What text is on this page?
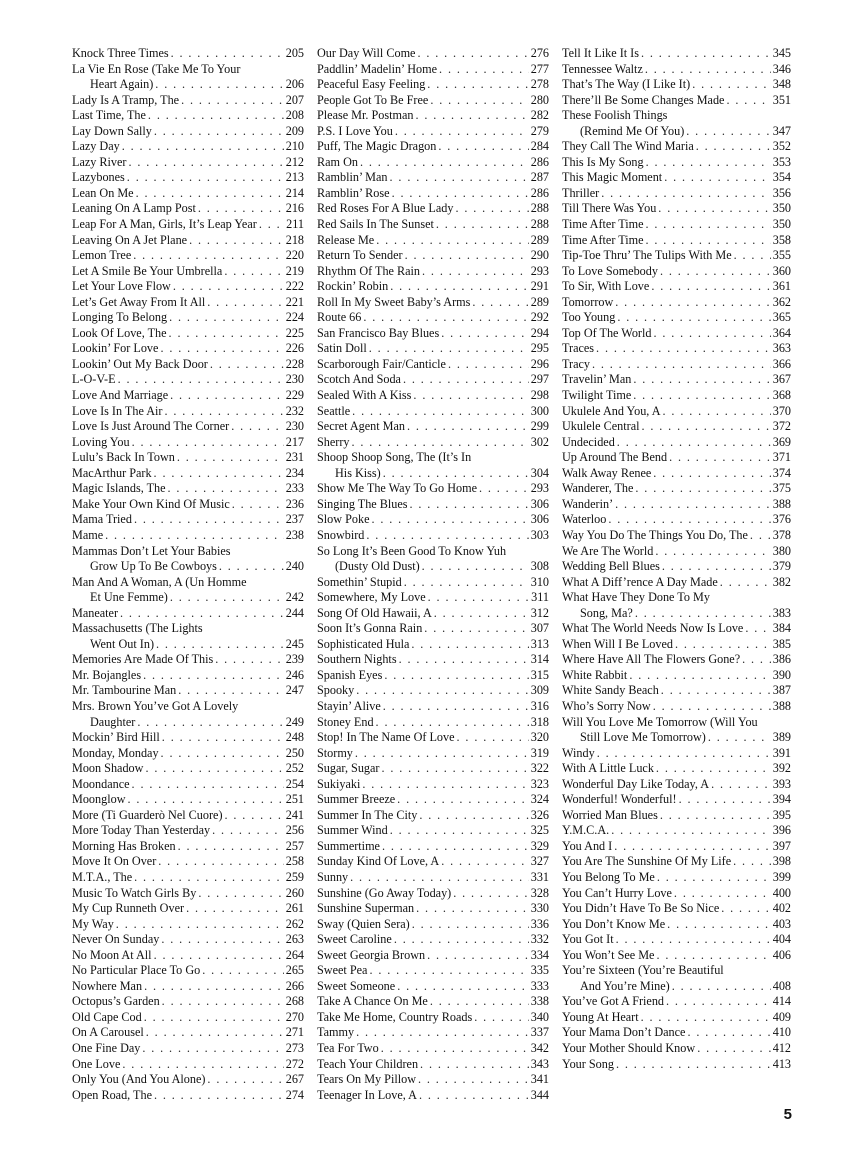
Knock Three Times . . .	205
La Vie En Rose (Take Me To Your
Heart Again) . . .	206
Lady Is A Tramp, The . . .	207
Last Time, The . . .	208
Lay Down Sally . . .	209
Lazy Day . . .	210
Lazy River . . .	212
Lazybones . . .	213
Lean On Me . . .	214
Leaning On A Lamp Post . . .	216
Leap For A Man, Girls, It’s Leap Year . . . 211
Leaving On A Jet Plane . . .	218
Lemon Tree . . .	220
Let A Smile Be Your Umbrella . . .	219
Let Your Love Flow . . .	222
Let’s Get Away From It All . . .	221
Longing To Belong . . .	224
Look Of Love, The . . .	225
Lookin’ For Love . . .	226
Lookin’ Out My Back Door . . .	228
L-O-V-E . . .	230
Love And Marriage . . .	229
Love Is In The Air . . .	232
Love Is Just Around The Corner . . .	230
Loving You . . .	217
Lulu’s Back In Town . . .	231
MacArthur Park . . .	234
Magic Islands, The . . .	233
Make Your Own Kind Of Music . . .	236
Mama Tried . . .	237
Mame . . .	238
Mammas Don’t Let Your Babies
Grow Up To Be Cowboys . . .	240
Man And A Woman, A (Un Homme
Et Une Femme) . . .	242
Maneater . . .	244
Massachusetts (The Lights
Went Out In) . . .	245
Memories Are Made Of This . . .	239
Mr. Bojangles . . .	246
Mr. Tambourine Man . . .	247
Mrs. Brown You’ve Got A Lovely
Daughter . . .	249
Mockin’ Bird Hill . . .	248
Monday, Monday . . .	250
Moon Shadow . . .	252
Moondance . . .	254
Moonglow . . .	251
More (Ti Guarderò Nel Cuore) . . .	241
More Today Than Yesterday . . .	256
Morning Has Broken . . .	257
Move It On Over . . .	258
M.T.A., The . . .	259
Music To Watch Girls By . . .	260
My Cup Runneth Over . . .	261
My Way . . .	262
Never On Sunday . . .	263
No Moon At All . . .	264
No Particular Place To Go . . .	265
Nowhere Man . . .	266
Octopus’s Garden . . .	268
Old Cape Cod . . .	270
On A Carousel . . .	271
One Fine Day . . .	273
One Love . . .	272
Only You (And You Alone) . . .	267
Open Road, The . . .	274
Our Day Will Come . . .	276
Paddlin’ Madelin’ Home . . .	277
Peaceful Easy Feeling . . .	278
People Got To Be Free . . .	280
Please Mr. Postman . . .	282
P.S. I Love You . . .	279
Puff, The Magic Dragon . . .	284
Ram On . . .	286
Ramblin’ Man . . .	287
Ramblin’ Rose . . .	286
Red Roses For A Blue Lady . . .	288
Red Sails In The Sunset . . .	288
Release Me . . .	289
Return To Sender . . .	290
Rhythm Of The Rain . . .	293
Rockin’ Robin . . .	291
Roll In My Sweet Baby’s Arms . . .	289
Route 66 . . .	292
San Francisco Bay Blues . . .	294
Satin Doll . . .	295
Scarborough Fair/Canticle . . .	296
Scotch And Soda . . .	297
Sealed With A Kiss . . .	298
Seattle . . .	300
Secret Agent Man . . .	299
Sherry . . .	302
Shoop Shoop Song, The (It’s In
His Kiss) . . .	304
Show Me The Way To Go Home . . .	293
Singing The Blues . . .	306
Slow Poke . . .	306
Snowbird . . .	303
So Long It’s Been Good To Know Yuh
(Dusty Old Dust) . . .	308
Somethin’ Stupid . . .	310
Somewhere, My Love . . .	311
Song Of Old Hawaii, A . . .	312
Soon It’s Gonna Rain . . .	307
Sophisticated Hula . . .	313
Southern Nights . . .	314
Spanish Eyes . . .	315
Spooky . . .	309
Stayin’ Alive . . .	316
Stoney End . . .	318
Stop! In The Name Of Love . . .	320
Stormy . . .	319
Sugar, Sugar . . .	322
Sukiyaki . . .	323
Summer Breeze . . .	324
Summer In The City . . .	326
Summer Wind . . .	325
Summertime . . .	329
Sunday Kind Of Love, A . . .	327
Sunny . . .	331
Sunshine (Go Away Today) . . .	328
Sunshine Superman . . .	330
Sway (Quien Sera) . . .	336
Sweet Caroline . . .	332
Sweet Georgia Brown . . .	334
Sweet Pea . . .	335
Sweet Someone . . .	333
Take A Chance On Me . . .	338
Take Me Home, Country Roads . . .	340
Tammy . . .	337
Tea For Two . . .	342
Teach Your Children . . .	343
Tears On My Pillow . . .	341
Teenager In Love, A . . .	344
Tell It Like It Is . . .	345
Tennessee Waltz . . .	346
That’s The Way (I Like It) . . .	348
There’ll Be Some Changes Made . . .	351
These Foolish Things
(Remind Me Of You) . . .	347
They Call The Wind Maria . . .	352
This Is My Song . . .	353
This Magic Moment . . .	354
Thriller . . .	356
Till There Was You . . .	350
Time After Time . . .	350
Time After Time . . .	358
Tip-Toe Thru’ The Tulips With Me . . .	355
To Love Somebody . . .	360
To Sir, With Love . . .	361
Tomorrow . . .	362
Too Young . . .	365
Top Of The World . . .	364
Traces . . .	363
Tracy . . .	366
Travelin’ Man . . .	367
Twilight Time . . .	368
Ukulele And You, A . . .	370
Ukulele Central . . .	372
Undecided . . .	369
Up Around The Bend . . .	371
Walk Away Renee . . .	374
Wanderer, The . . .	375
Wanderin’ . . .	388
Waterloo . . .	376
Way You Do The Things You Do, The . . . 378
We Are The World . . .	380
Wedding Bell Blues . . .	379
What A Diff’rence A Day Made . . .	382
What Have They Done To My
Song, Ma? . . .	383
What The World Needs Now Is Love . . . 384
When Will I Be Loved . . .	385
Where Have All The Flowers Gone? . . .	386
White Rabbit . . .	390
White Sandy Beach . . .	387
Who’s Sorry Now . . .	388
Will You Love Me Tomorrow (Will You
Still Love Me Tomorrow) . . .	389
Windy . . .	391
With A Little Luck . . .	392
Wonderful Day Like Today, A . . .	393
Wonderful! Wonderful! . . .	394
Worried Man Blues . . .	395
Y.M.C.A. . . .	396
You And I . . .	397
You Are The Sunshine Of My Life . . .	398
You Belong To Me . . .	399
You Can’t Hurry Love . . .	400
You Didn’t Have To Be So Nice . . .	402
You Don’t Know Me . . .	403
You Got It . . .	404
You Won’t See Me . . .	406
You’re Sixteen (You’re Beautiful
And You’re Mine) . . .	408
You’ve Got A Friend . . .	414
Young At Heart . . .	409
Your Mama Don’t Dance . . .	410
Your Mother Should Know . . .	412
Your Song . . .	413
5
